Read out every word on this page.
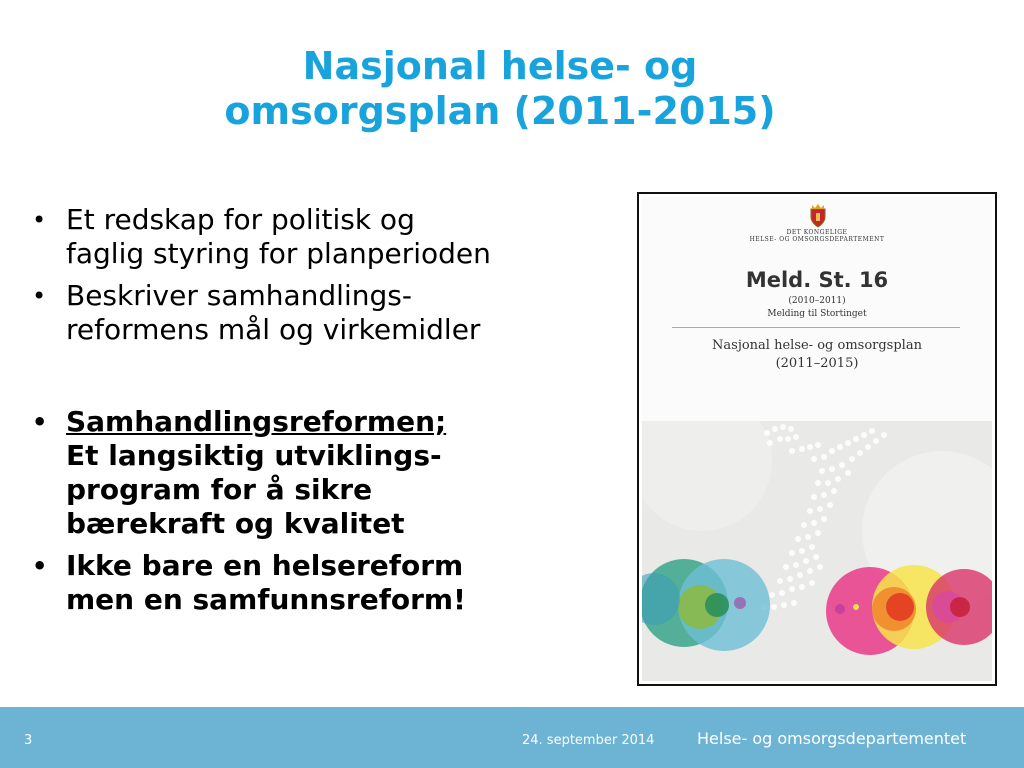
Nasjonal helse- og
omsorgsplan (2011-2015)
• Et redskap for politisk og
faglig styring for planperioden
• Beskriver samhandlings-
reformens mål og virkemidler
• Samhandlingsreformen;
Et langsiktig utviklings-
program for å sikre
bærekraft og kvalitet
• Ikke bare en helsereform
men en samfunnsreform!
DET KONGELIGE
HELSE- OG OMSORGSDEPARTEMENT
Meld. St. 16
(2010–2011)
Melding til Stortinget
Nasjonal helse- og omsorgsplan
(2011–2015)
3	24. september 2014	Helse- og omsorgsdepartementet
